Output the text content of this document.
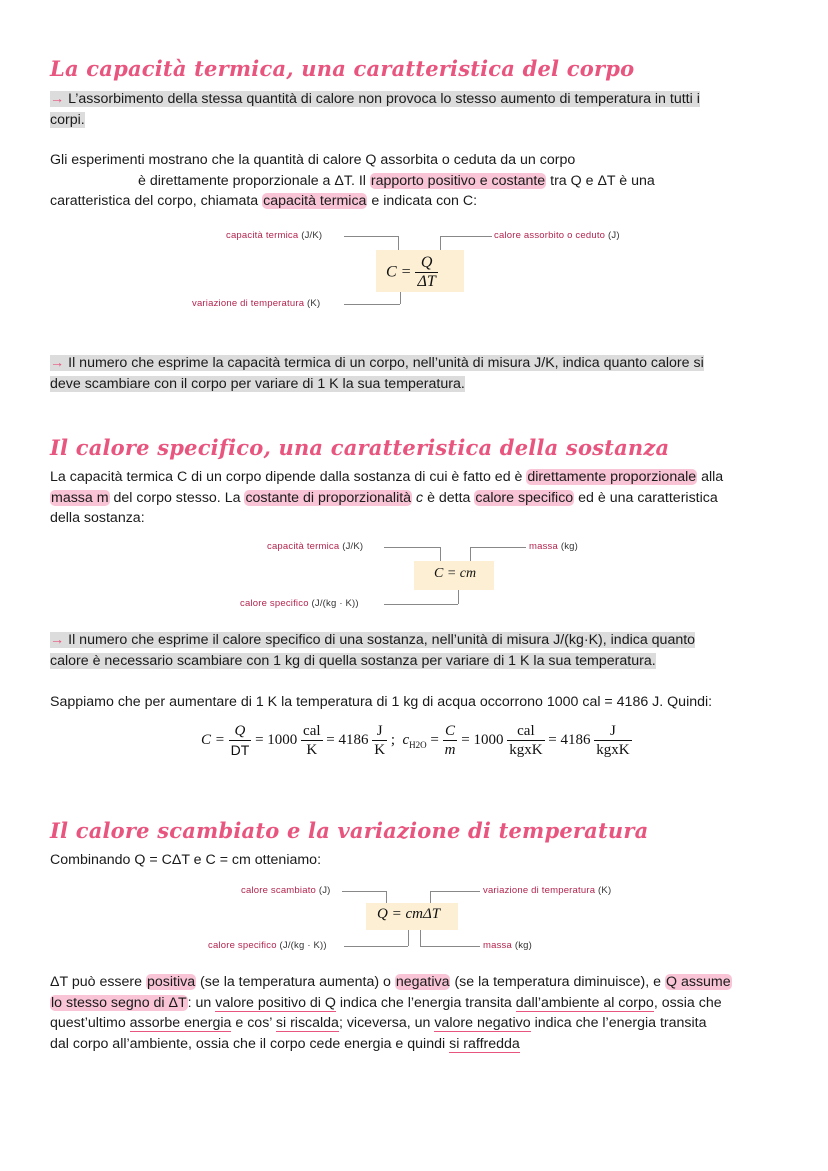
La capacità termica, una caratteristica del corpo
→ L’assorbimento della stessa quantità di calore non provoca lo stesso aumento di temperatura in tutti i
corpi.
Gli esperimenti mostrano che la quantità di calore Q assorbita o ceduta da un corpo
è direttamente proporzionale a ΔT. Il rapporto positivo e costante tra Q e ΔT è una
caratteristica del corpo, chiamata capacità termica e indicata con C:
capacità termica (J/K)	calore assorbito o ceduto (J)
variazione di temperatura (K)
$C = \frac{Q}{\Delta T}$
→ Il numero che esprime la capacità termica di un corpo, nell’unità di misura J/K, indica quanto calore si
deve scambiare con il corpo per variare di 1 K la sua temperatura.
Il calore specifico, una caratteristica della sostanza
La capacità termica C di un corpo dipende dalla sostanza di cui è fatto ed è direttamente proporzionale alla
massa m del corpo stesso. La costante di proporzionalità c è detta calore specifico ed è una caratteristica
della sostanza:
capacità termica (J/K)	massa (kg)
calore specifico (J/(kg · K))
C = cm
→ Il numero che esprime il calore specifico di una sostanza, nell’unità di misura J/(kg·K), indica quanto
calore è necessario scambiare con 1 kg di quella sostanza per variare di 1 K la sua temperatura.
Sappiamo che per aumentare di 1 K la temperatura di 1 kg di acqua occorrono 1000 cal = 4186 J. Quindi:
$C = \frac{Q}{DT} = 1000 \frac{\text{cal}}{K} = 4186 \frac{J}{K}$ ; $c_{H2O} = \frac{C}{m} = 1000 \frac{\text{cal}}{\text{kgxK}} = 4186 \frac{J}{\text{kgxK}}$
Il calore scambiato e la variazione di temperatura
Combinando Q = CΔT e C = cm otteniamo:
calore scambiato (J)	variazione di temperatura (K)
calore specifico (J/(kg · K))	massa (kg)
Q = cmΔT
ΔT può essere positiva (se la temperatura aumenta) o negativa (se la temperatura diminuisce), e Q assume
lo stesso segno di ΔT: un valore positivo di Q indica che l’energia transita dall’ambiente al corpo, ossia che
quest’ultimo assorbe energia e cos’ si riscalda; viceversa, un valore negativo indica che l’energia transita
dal corpo all’ambiente, ossia che il corpo cede energia e quindi si raffredda
